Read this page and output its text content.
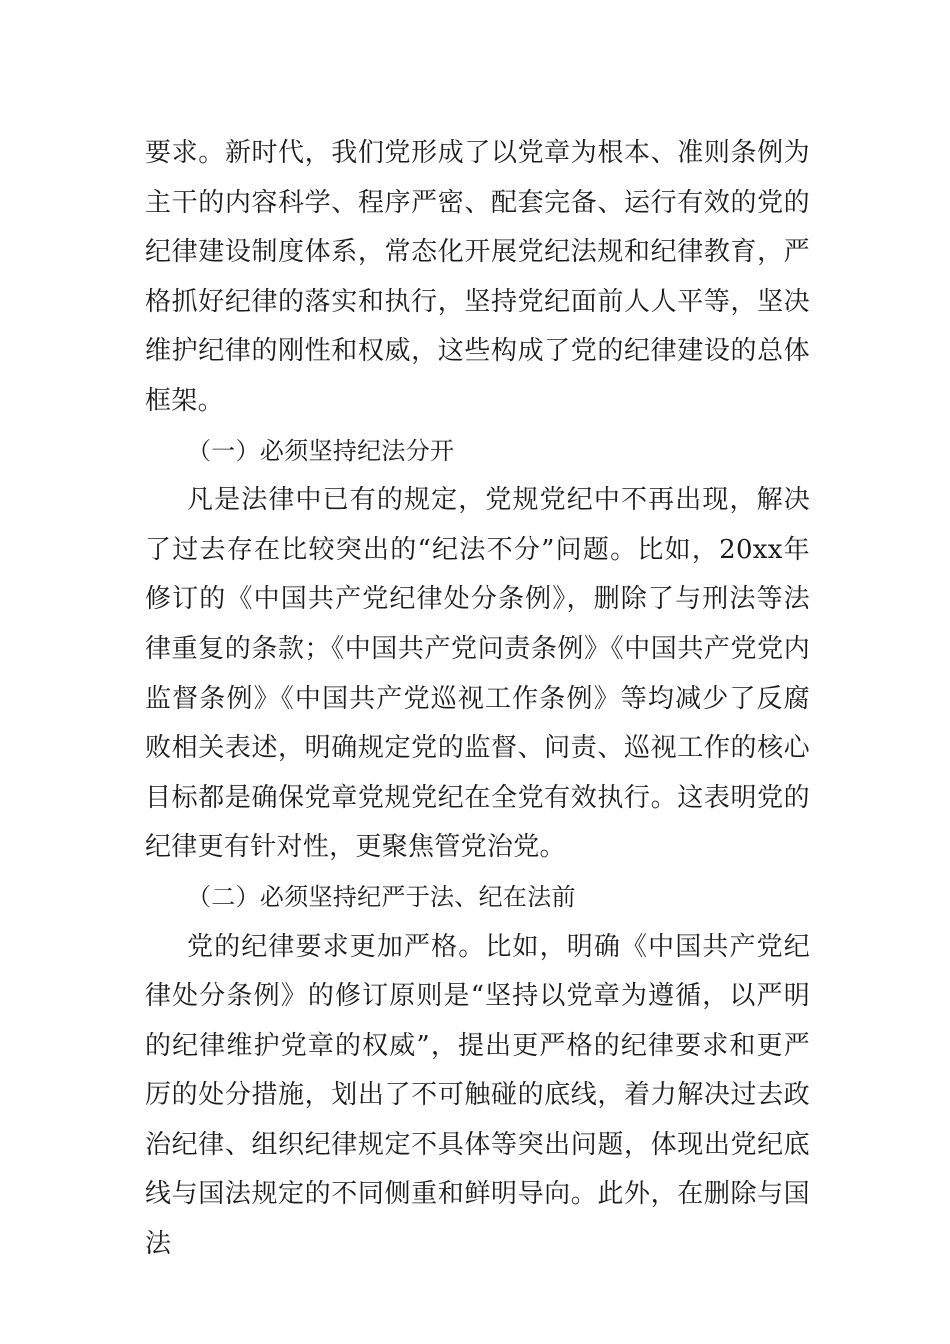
要求。新时代，我们党形成了以党章为根本、准则条例为主干的内容科学、程序严密、配套完备、运行有效的党的纪律建设制度体系，常态化开展党纪法规和纪律教育，严格抓好纪律的落实和执行，坚持党纪面前人人平等，坚决维护纪律的刚性和权威，这些构成了党的纪律建设的总体框架。

（一）必须坚持纪法分开

凡是法律中已有的规定，党规党纪中不再出现，解决了过去存在比较突出的“纪法不分”问题。比如，20xx年修订的《中国共产党纪律处分条例》，删除了与刑法等法律重复的条款；《中国共产党问责条例》《中国共产党党内监督条例》《中国共产党巡视工作条例》等均减少了反腐败相关表述，明确规定党的监督、问责、巡视工作的核心目标都是确保党章党规党纪在全党有效执行。这表明党的纪律更有针对性，更聚焦管党治党。

（二）必须坚持纪严于法、纪在法前

党的纪律要求更加严格。比如，明确《中国共产党纪律处分条例》的修订原则是“坚持以党章为遵循，以严明的纪律维护党章的权威”，提出更严格的纪律要求和更严厉的处分措施，划出了不可触碰的底线，着力解决过去政治纪律、组织纪律规定不具体等突出问题，体现出党纪底线与国法规定的不同侧重和鲜明导向。此外，在删除与国法
